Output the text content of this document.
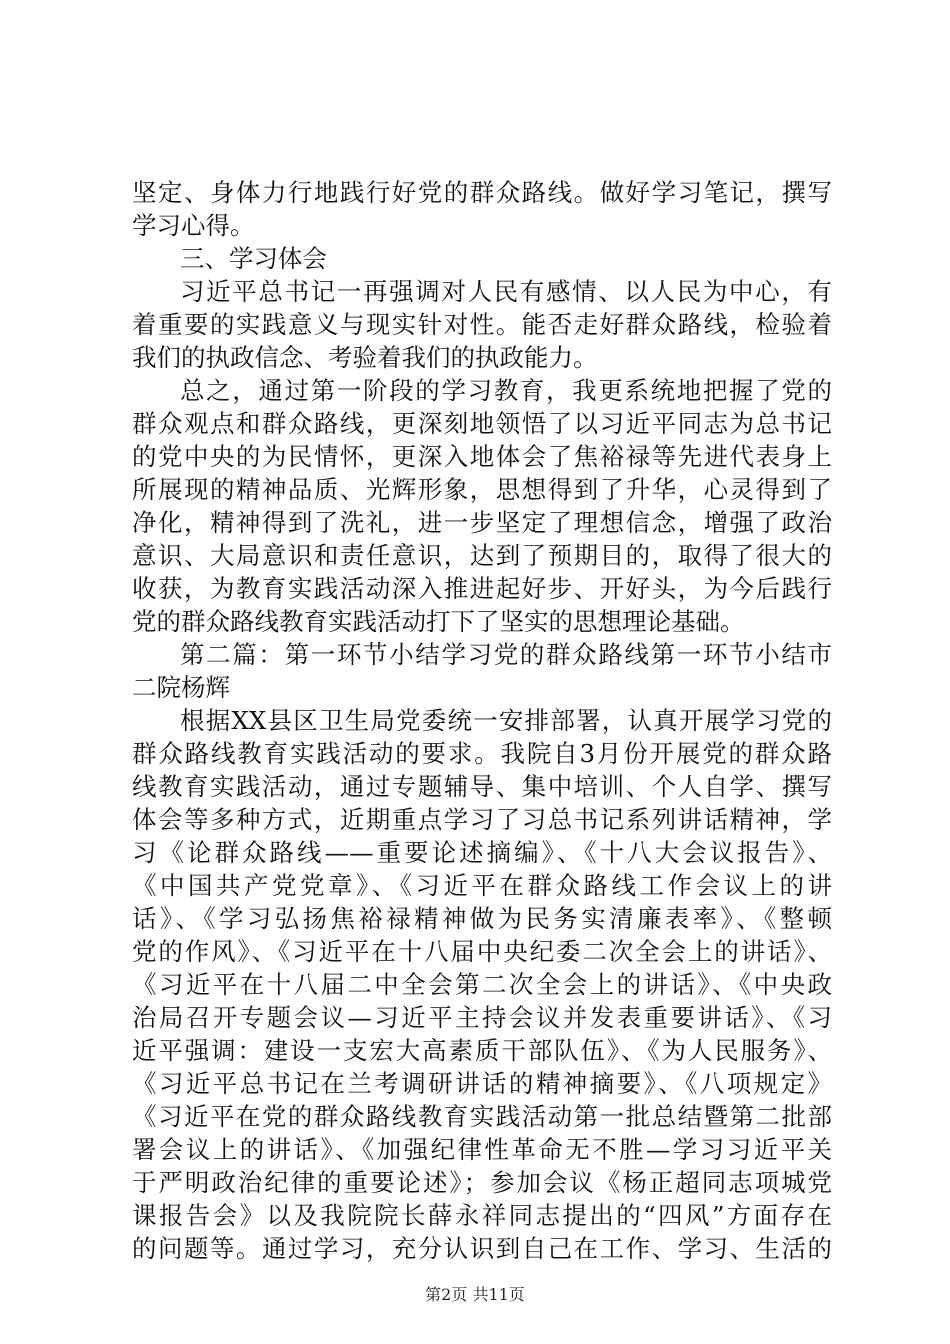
坚定、身体力行地践行好党的群众路线。做好学习笔记，撰写
学习心得。
三、学习体会
习近平总书记一再强调对人民有感情、以人民为中心，有
着重要的实践意义与现实针对性。能否走好群众路线，检验着
我们的执政信念、考验着我们的执政能力。
总之，通过第一阶段的学习教育，我更系统地把握了党的
群众观点和群众路线，更深刻地领悟了以习近平同志为总书记
的党中央的为民情怀，更深入地体会了焦裕禄等先进代表身上
所展现的精神品质、光辉形象，思想得到了升华，心灵得到了
净化，精神得到了洗礼，进一步坚定了理想信念，增强了政治
意识、大局意识和责任意识，达到了预期目的，取得了很大的
收获，为教育实践活动深入推进起好步、开好头，为今后践行
党的群众路线教育实践活动打下了坚实的思想理论基础。
第二篇：第一环节小结学习党的群众路线第一环节小结市
二院杨辉
根据XX县区卫生局党委统一安排部署，认真开展学习党的
群众路线教育实践活动的要求。我院自3月份开展党的群众路
线教育实践活动，通过专题辅导、集中培训、个人自学、撰写
体会等多种方式，近期重点学习了习总书记系列讲话精神，学
习《论群众路线——重要论述摘编》、《十八大会议报告》、
《中国共产党党章》、《习近平在群众路线工作会议上的讲
话》、《学习弘扬焦裕禄精神做为民务实清廉表率》、《整顿
党的作风》、《习近平在十八届中央纪委二次全会上的讲话》、
《习近平在十八届二中全会第二次全会上的讲话》、《中央政
治局召开专题会议—习近平主持会议并发表重要讲话》、《习
近平强调：建设一支宏大高素质干部队伍》、《为人民服务》、
《习近平总书记在兰考调研讲话的精神摘要》、《八项规定》
《习近平在党的群众路线教育实践活动第一批总结暨第二批部
署会议上的讲话》、《加强纪律性革命无不胜—学习习近平关
于严明政治纪律的重要论述》；参加会议《杨正超同志项城党
课报告会》以及我院院长薛永祥同志提出的“四风”方面存在
的问题等。通过学习，充分认识到自己在工作、学习、生活的
第2页 共11页
